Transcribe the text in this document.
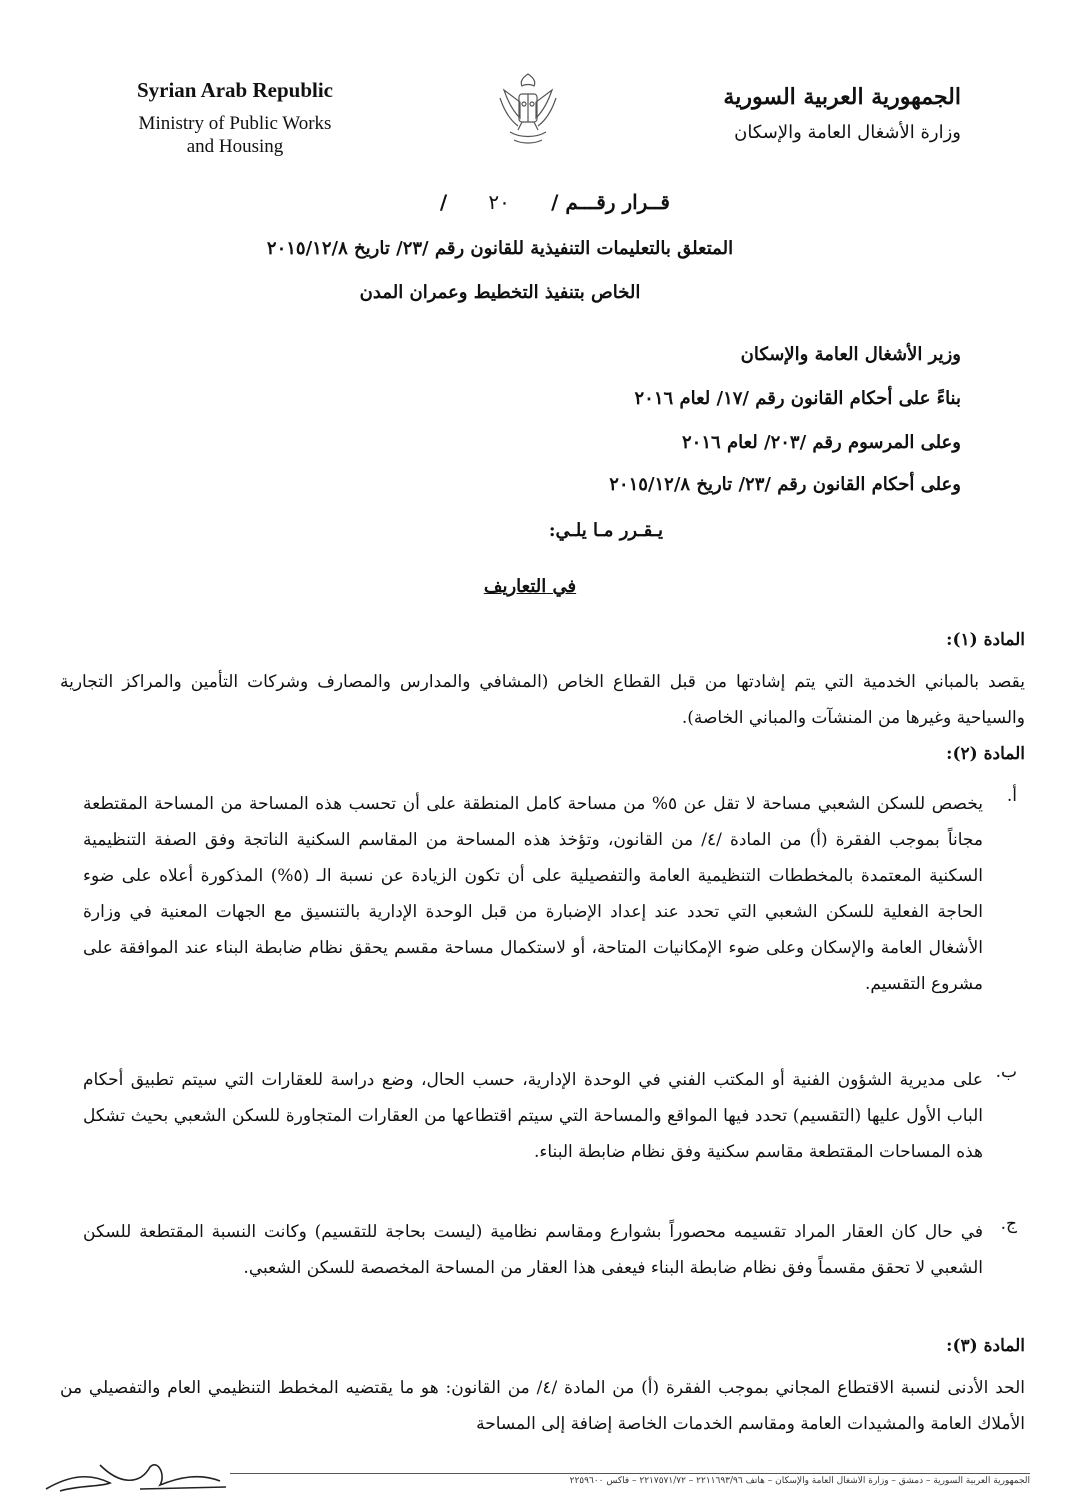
Syrian Arab Republic
Ministry of Public Works
and Housing
الجمهورية العربية السورية
وزارة الأشغال العامة والإسكان
قــرار رقـــم / ٢٠ /
المتعلق بالتعليمات التنفيذية للقانون رقم /٢٣/ تاريخ ٢٠١٥/١٢/٨
الخاص بتنفيذ التخطيط وعمران المدن
وزير الأشغال العامة والإسكان
بناءً على أحكام القانون رقم /١٧/ لعام ٢٠١٦
وعلى المرسوم رقم /٢٠٣/ لعام ٢٠١٦
وعلى أحكام القانون رقم /٢٣/ تاريخ ٢٠١٥/١٢/٨
يـقـرر مـا يلـي:
في التعاريف
المادة (١):
يقصد بالمباني الخدمية التي يتم إشادتها من قبل القطاع الخاص (المشافي والمدارس والمصارف وشركات التأمين والمراكز التجارية والسياحية وغيرها من المنشآت والمباني الخاصة).
المادة (٢):
أ.
يخصص للسكن الشعبي مساحة لا تقل عن ٥% من مساحة كامل المنطقة على أن تحسب هذه المساحة من المساحة المقتطعة مجاناً بموجب الفقرة (أ) من المادة /٤/ من القانون، وتؤخذ هذه المساحة من المقاسم السكنية الناتجة وفق الصفة التنظيمية السكنية المعتمدة بالمخططات التنظيمية العامة والتفصيلية على أن تكون الزيادة عن نسبة الـ (٥%) المذكورة أعلاه على ضوء الحاجة الفعلية للسكن الشعبي التي تحدد عند إعداد الإضبارة من قبل الوحدة الإدارية بالتنسيق مع الجهات المعنية في وزارة الأشغال العامة والإسكان وعلى ضوء الإمكانيات المتاحة، أو لاستكمال مساحة مقسم يحقق نظام ضابطة البناء عند الموافقة على مشروع التقسيم.
ب.
على مديرية الشؤون الفنية أو المكتب الفني في الوحدة الإدارية، حسب الحال، وضع دراسة للعقارات التي سيتم تطبيق أحكام الباب الأول عليها (التقسيم) تحدد فيها المواقع والمساحة التي سيتم اقتطاعها من العقارات المتجاورة للسكن الشعبي بحيث تشكل هذه المساحات المقتطعة مقاسم سكنية وفق نظام ضابطة البناء.
ج.
في حال كان العقار المراد تقسيمه محصوراً بشوارع ومقاسم نظامية (ليست بحاجة للتقسيم) وكانت النسبة المقتطعة للسكن الشعبي لا تحقق مقسماً وفق نظام ضابطة البناء فيعفى هذا العقار من المساحة المخصصة للسكن الشعبي.
المادة (٣):
الحد الأدنى لنسبة الاقتطاع المجاني بموجب الفقرة (أ) من المادة /٤/ من القانون: هو ما يقتضيه المخطط التنظيمي العام والتفصيلي من الأملاك العامة والمشيدات العامة ومقاسم الخدمات الخاصة إضافة إلى المساحة
الجمهورية العربية السورية – دمشق – وزارة الأشغال العامة والإسكان – هاتف ٢٢١١٦٩٣/٩٦ – ٢٢١٧٥٧١/٧٢ – فاكس ٢٢٥٩٦٠٠
